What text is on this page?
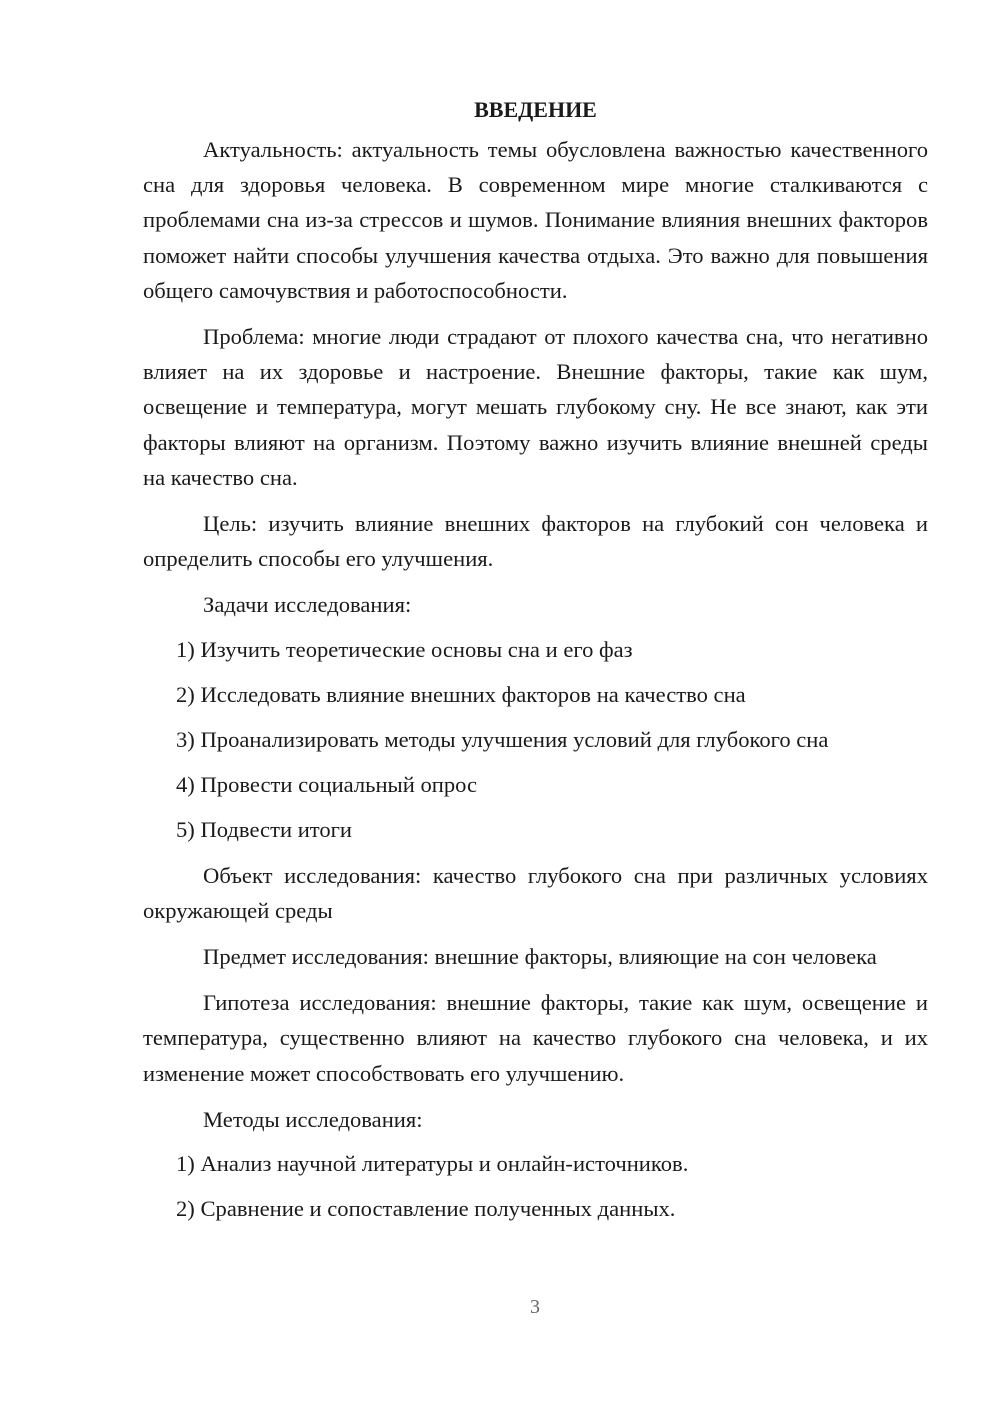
ВВЕДЕНИЕ

Актуальность: актуальность темы обусловлена важностью качественного сна для здоровья человека. В современном мире многие сталкиваются с проблемами сна из-за стрессов и шумов. Понимание влияния внешних факторов поможет найти способы улучшения качества отдыха. Это важно для повышения общего самочувствия и работоспособности.

Проблема: многие люди страдают от плохого качества сна, что негативно влияет на их здоровье и настроение. Внешние факторы, такие как шум, освещение и температура, могут мешать глубокому сну. Не все знают, как эти факторы влияют на организм. Поэтому важно изучить влияние внешней среды на качество сна.

Цель: изучить влияние внешних факторов на глубокий сон человека и определить способы его улучшения.

Задачи исследования:

1) Изучить теоретические основы сна и его фаз
2) Исследовать влияние внешних факторов на качество сна
3) Проанализировать методы улучшения условий для глубокого сна
4) Провести социальный опрос
5) Подвести итоги

Объект исследования: качество глубокого сна при различных условиях окружающей среды

Предмет исследования: внешние факторы, влияющие на сон человека

Гипотеза исследования: внешние факторы, такие как шум, освещение и температура, существенно влияют на качество глубокого сна человека, и их изменение может способствовать его улучшению.

Методы исследования:

1) Анализ научной литературы и онлайн-источников.
2) Сравнение и сопоставление полученных данных.
3
